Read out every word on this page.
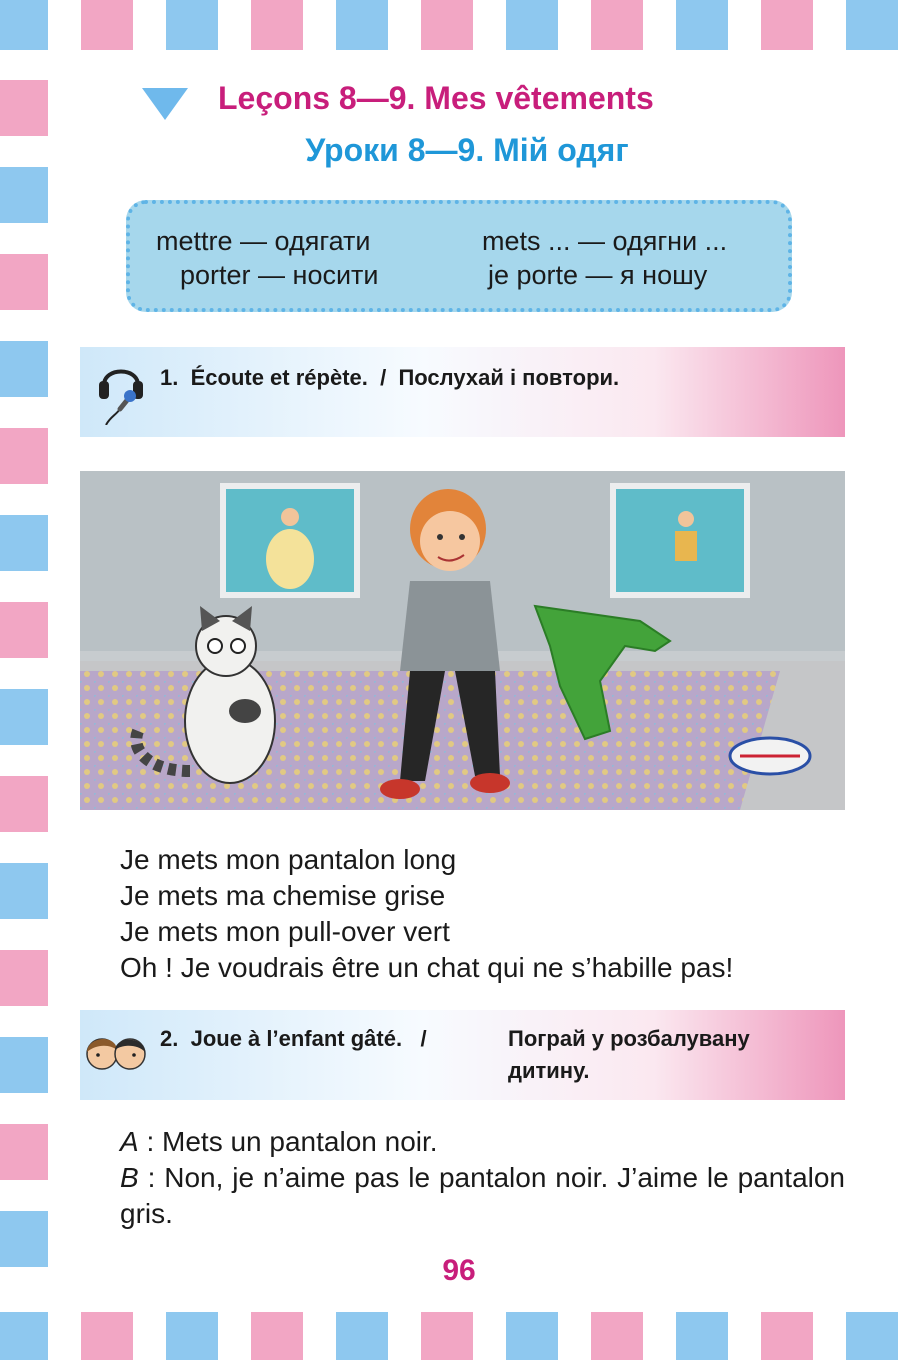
Leçons 8—9. Mes vêtements
Уроки 8—9. Мій одяг
mettre — одягати	mets ... — одягни ...
porter — носити	je porte — я ношу
1. Écoute et répète. / Послухай і повтори.
Je mets mon pantalon long
Je mets ma chemise grise
Je mets mon pull-over vert
Oh ! Je voudrais être un chat qui ne s’habille pas!
2. Joue à l’enfant gâté. /	Пограй у розбалувану
дитину.
A : Mets un pantalon noir.
B : Non, je n’aime pas le pantalon noir. J’aime le pantalon gris.
96
